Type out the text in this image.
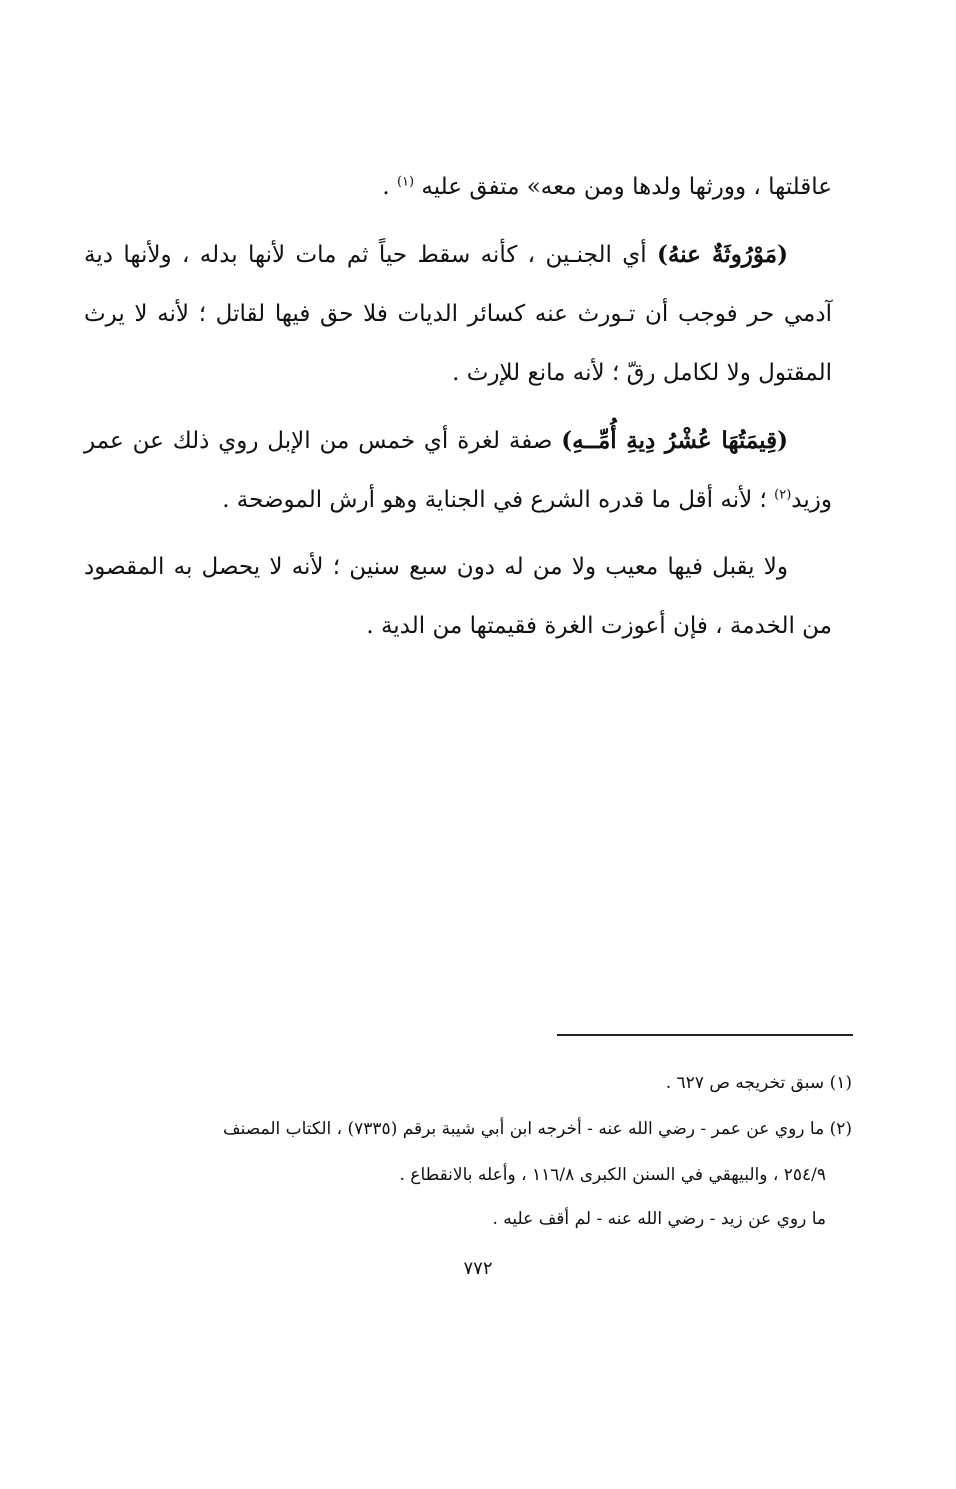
عاقلتها ، وورثها ولدها ومن معه» متفق عليه $^{(١)}$ .

(مَوْرُوثَةٌ عنهُ) أي الجنـين ، كأنه سقط حياً ثم مات لأنها بدله ، ولأنها دية آدمي حر فوجب أن تـورث عنه كسائر الديات فلا حق فيها لقاتل ؛ لأنه لا يرث المقتول ولا لكامل رقّ ؛ لأنه مانع للإرث .

(قِيمَتُهَا عُشْرُ دِيةِ أُمِّــهِ) صفة لغرة أي خمس من الإبل روي ذلك عن عمر وزيد$^{(٢)}$ ؛ لأنه أقل ما قدره الشرع في الجناية وهو أرش الموضحة .

ولا يقبل فيها معيب ولا من له دون سبع سنين ؛ لأنه لا يحصل به المقصود من الخدمة ، فإن أعوزت الغرة فقيمتها من الدية .

(١) سبق تخريجه ص ٦٢٧ .

(٢) ما روي عن عمر - رضي الله عنه - أخرجه ابن أبي شيبة برقم (٧٣٣٥) ، الكتاب المصنف

٢٥٤/٩ ، والبيهقي في السنن الكبرى ١١٦/٨ ، وأعله بالانقطاع .

ما روي عن زيد - رضي الله عنه - لم أقف عليه .

٧٧٢
